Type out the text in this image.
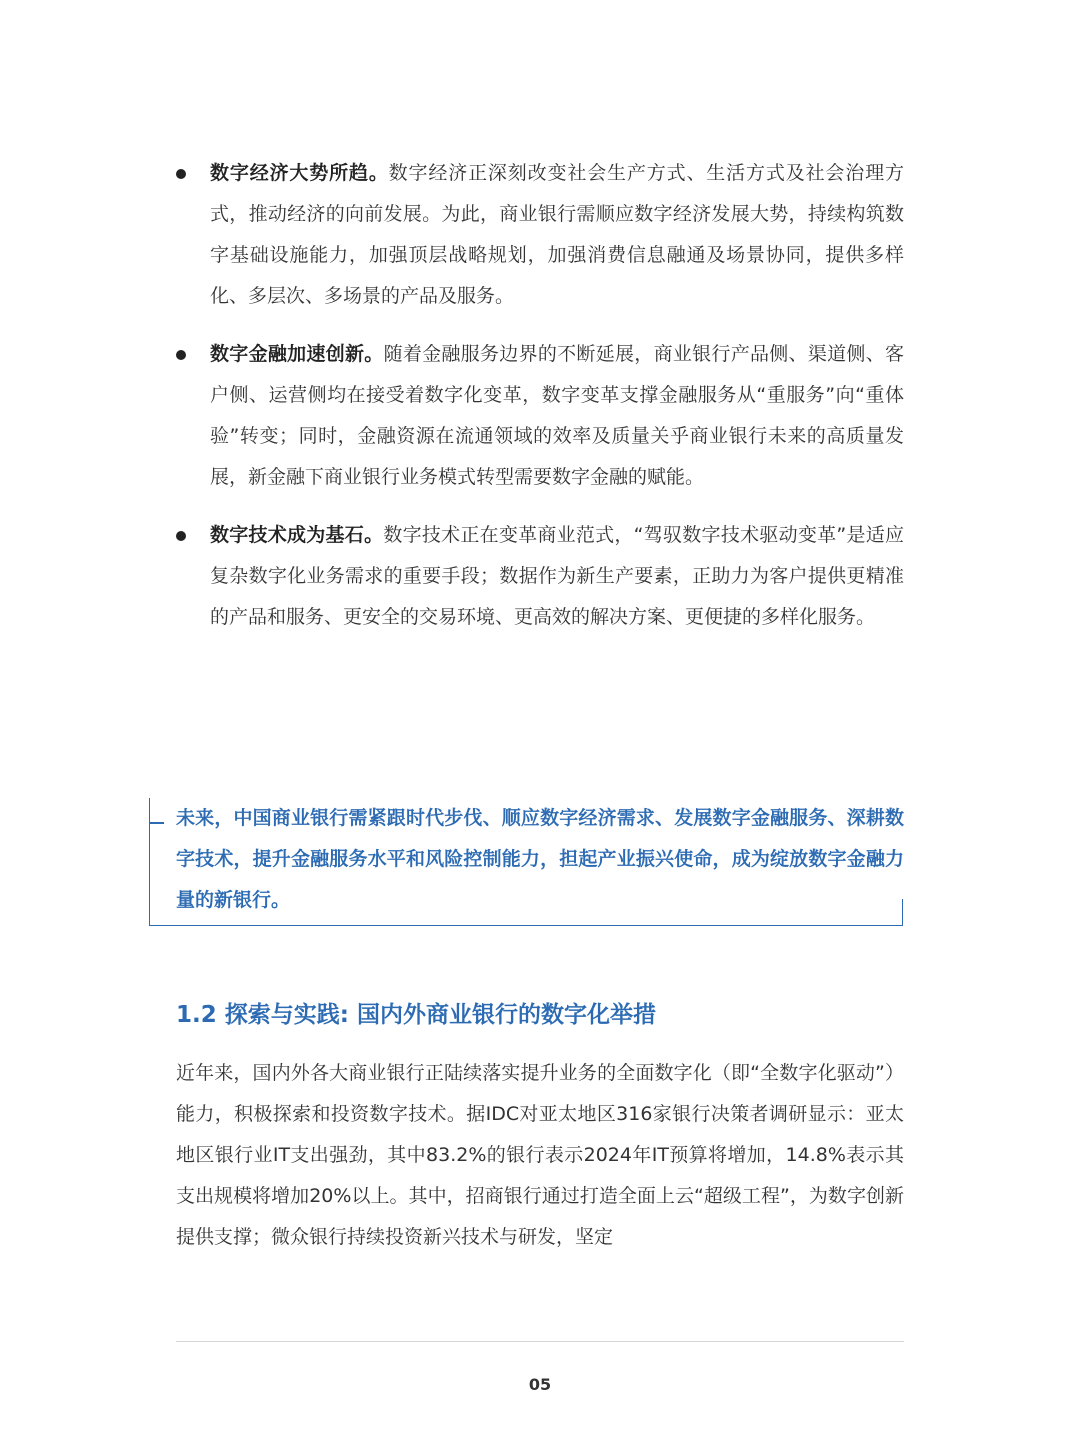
数字经济大势所趋。数字经济正深刻改变社会生产方式、生活方式及社会治理方式，推动经济的向前发展。为此，商业银行需顺应数字经济发展大势，持续构筑数字基础设施能力，加强顶层战略规划，加强消费信息融通及场景协同，提供多样化、多层次、多场景的产品及服务。
数字金融加速创新。随着金融服务边界的不断延展，商业银行产品侧、渠道侧、客户侧、运营侧均在接受着数字化变革，数字变革支撑金融服务从“重服务”向“重体验”转变；同时，金融资源在流通领域的效率及质量关乎商业银行未来的高质量发展，新金融下商业银行业务模式转型需要数字金融的赋能。
数字技术成为基石。数字技术正在变革商业范式，“驾驭数字技术驱动变革”是适应复杂数字化业务需求的重要手段；数据作为新生产要素，正助力为客户提供更精准的产品和服务、更安全的交易环境、更高效的解决方案、更便捷的多样化服务。
未来，中国商业银行需紧跟时代步伐、顺应数字经济需求、发展数字金融服务、深耕数字技术，提升金融服务水平和风险控制能力，担起产业振兴使命，成为绽放数字金融力量的新银行。
1.2 探索与实践: 国内外商业银行的数字化举措

近年来，国内外各大商业银行正陆续落实提升业务的全面数字化（即“全数字化驱动”）能力，积极探索和投资数字技术。据IDC对亚太地区316家银行决策者调研显示：亚太地区银行业IT支出强劲，其中83.2%的银行表示2024年IT预算将增加，14.8%表示其支出规模将增加20%以上。其中，招商银行通过打造全面上云“超级工程”，为数字创新提供支撑；微众银行持续投资新兴技术与研发，坚定

05
